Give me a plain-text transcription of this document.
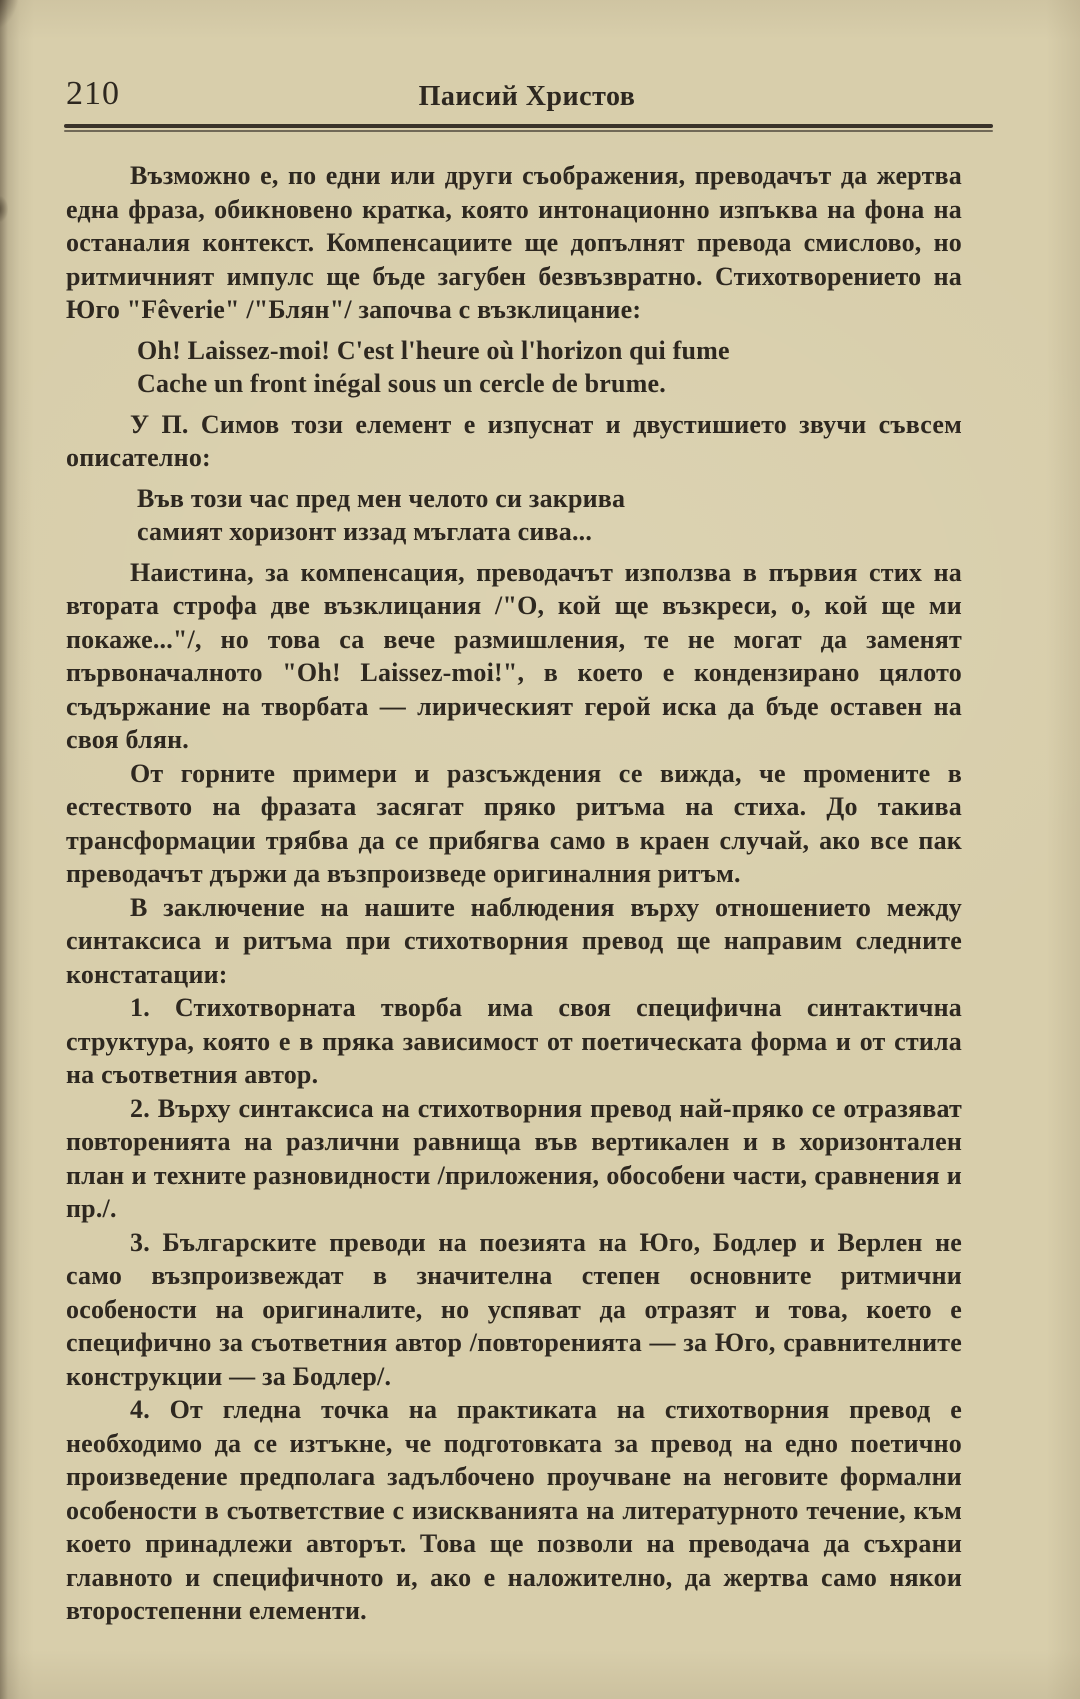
210	Паисий Христов

Възможно е, по едни или други съображения, преводачът да жертва една фраза, обикновено кратка, която интонационно изпъква на фона на останалия контекст. Компенсациите ще допълнят превода смислово, но ритмичният импулс ще бъде загубен безвъзвратно. Стихотворението на Юго "Fêverie" /"Блян"/ започва с възклицание:

Oh! Laissez-moi! C'est l'heure où l'horizon qui fume
Cache un front inégal sous un cercle de brume.

У П. Симов този елемент е изпуснат и двустишието звучи съвсем описателно:

Във този час пред мен челото си закрива
самият хоризонт иззад мъглата сива...

Наистина, за компенсация, преводачът използва в първия стих на втората строфа две възклицания /"О, кой ще възкреси, о, кой ще ми покаже..."/, но това са вече размишления, те не могат да заменят първоначалното "Oh! Laissez-moi!", в което е кондензирано цялото съдържание на творбата — лирическият герой иска да бъде оставен на своя блян.

От горните примери и разсъждения се вижда, че промените в естеството на фразата засягат пряко ритъма на стиха. До такива трансформации трябва да се прибягва само в краен случай, ако все пак преводачът държи да възпроизведе оригиналния ритъм.

В заключение на нашите наблюдения върху отношението между синтаксиса и ритъма при стихотворния превод ще направим следните констатации:

1. Стихотворната творба има своя специфична синтактична структура, която е в пряка зависимост от поетическата форма и от стила на съответния автор.

2. Върху синтаксиса на стихотворния превод най-пряко се отразяват повторенията на различни равнища във вертикален и в хоризонтален план и техните разновидности /приложения, обособени части, сравнения и пр./.

3. Българските преводи на поезията на Юго, Бодлер и Верлен не само възпроизвеждат в значителна степен основните ритмични особености на оригиналите, но успяват да отразят и това, което е специфично за съответния автор /повторенията — за Юго, сравнителните конструкции — за Бодлер/.

4. От гледна точка на практиката на стихотворния превод е необходимо да се изтъкне, че подготовката за превод на едно поетично произведение предполага задълбочено проучване на неговите формални особености в съответствие с изискванията на литературното течение, към което принадлежи авторът. Това ще позволи на преводача да съхрани главното и специфичното и, ако е наложително, да жертва само някои второстепенни елементи.
